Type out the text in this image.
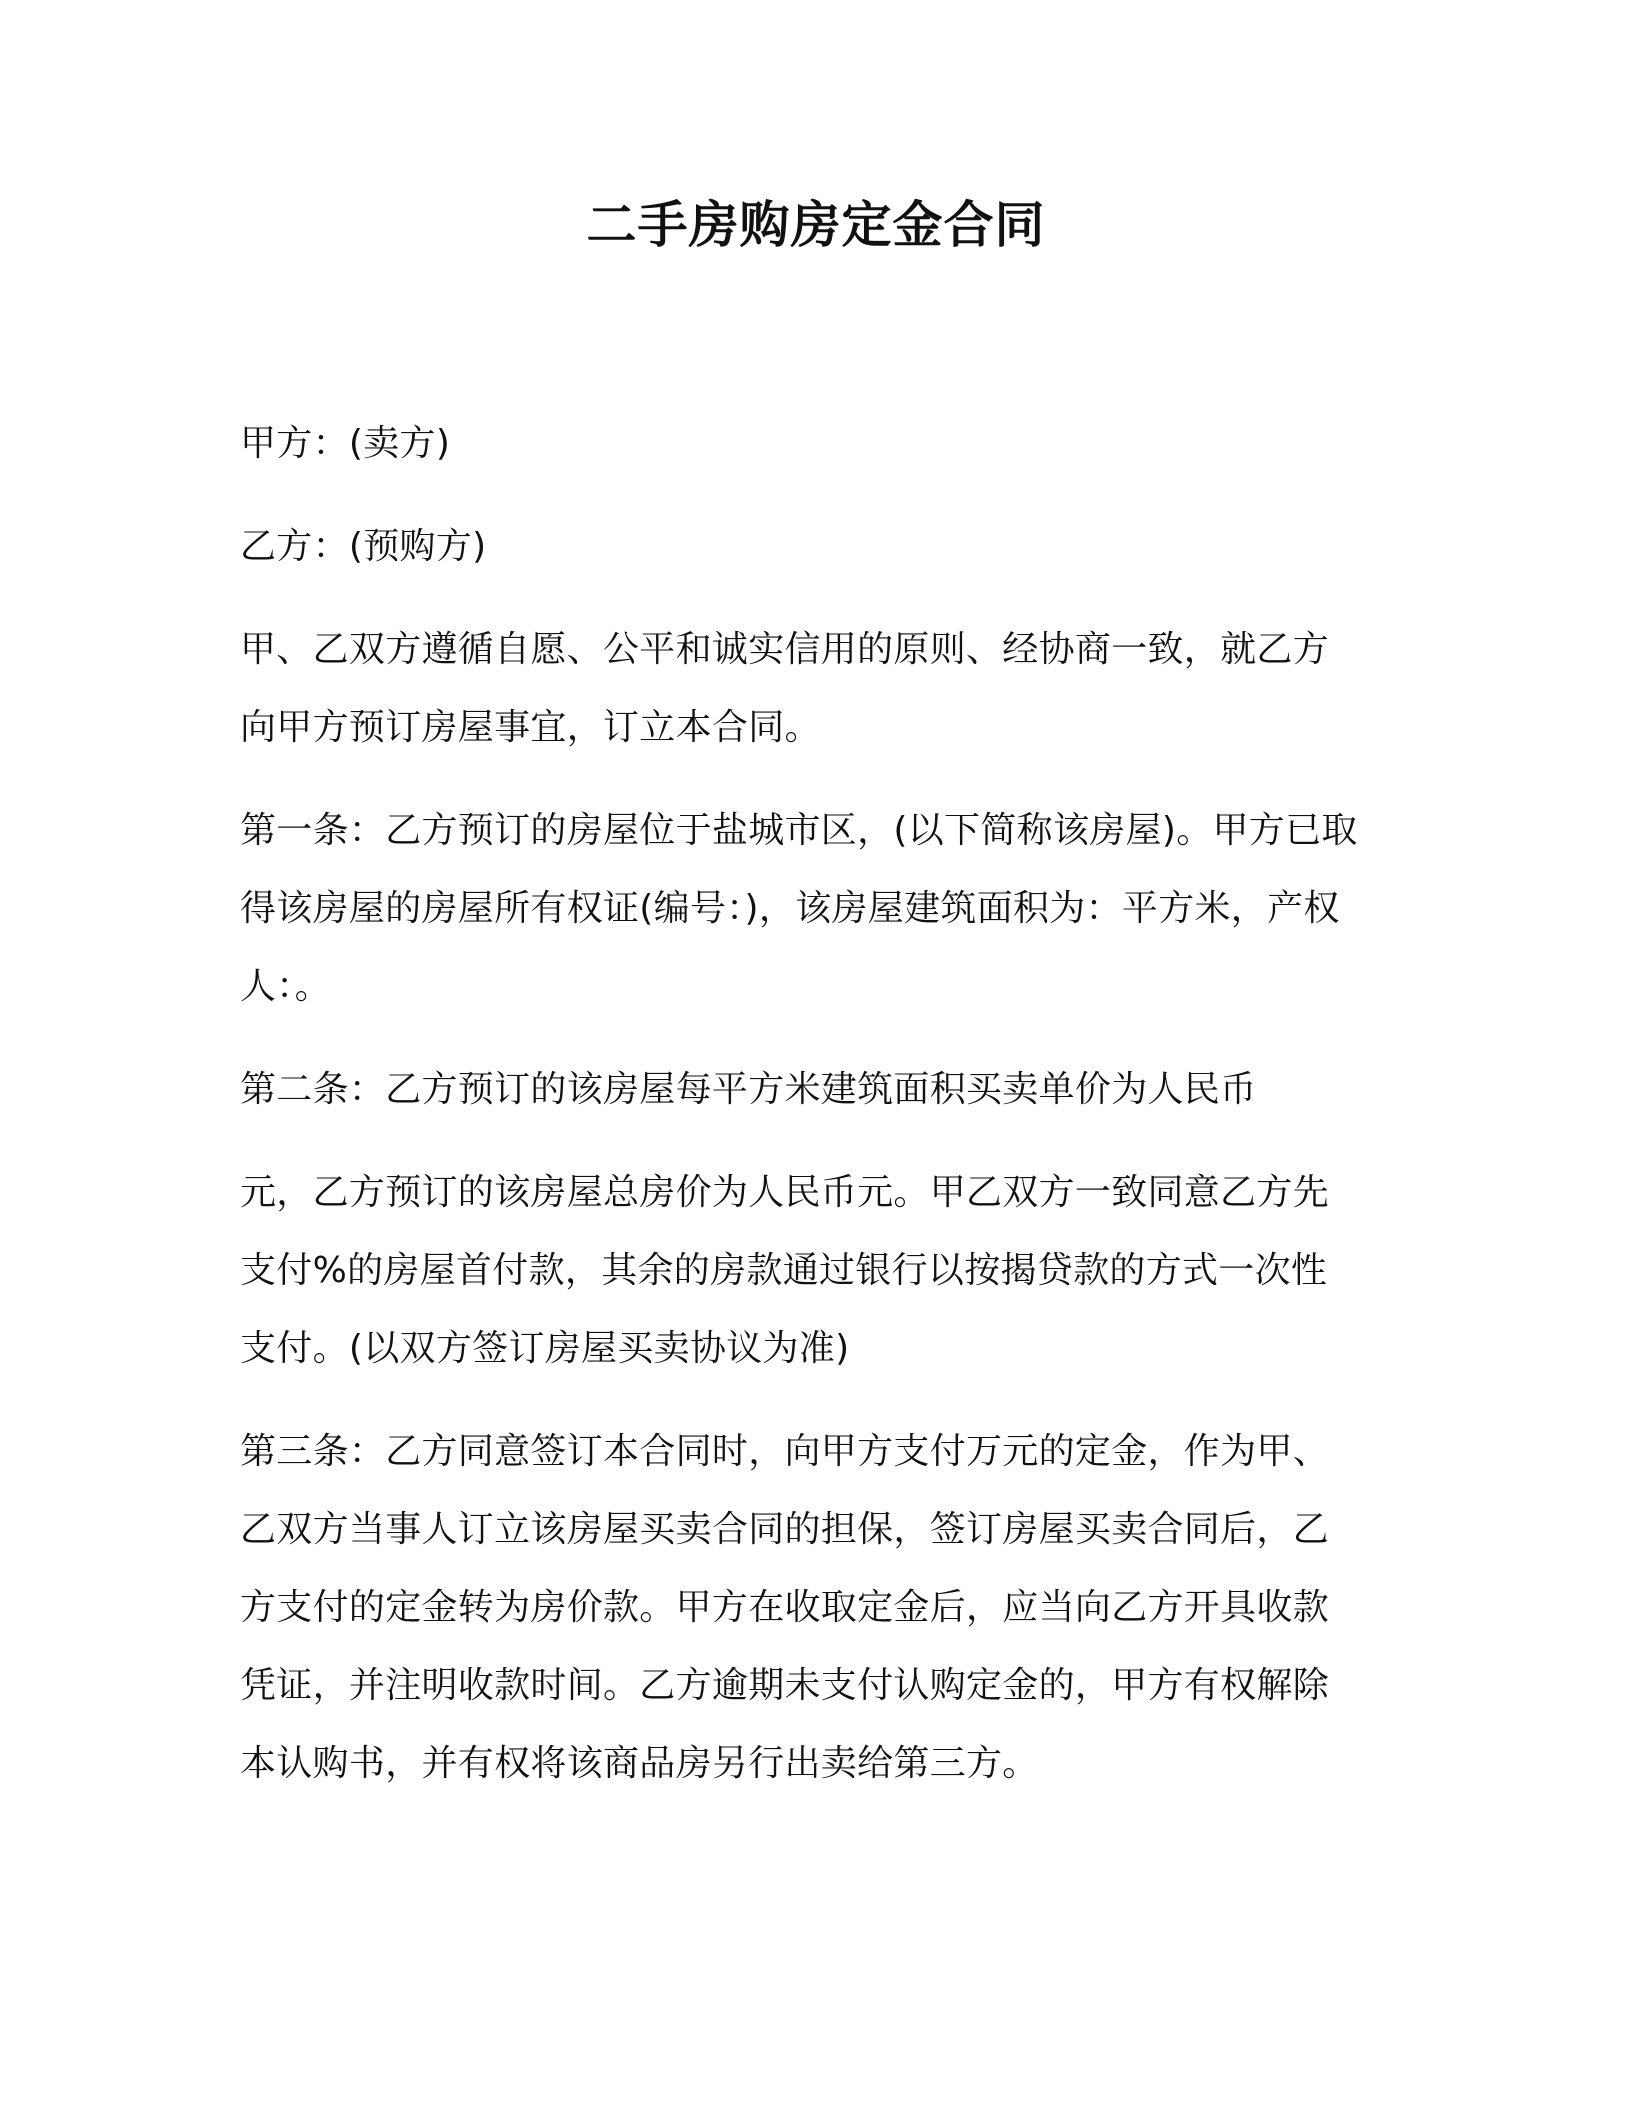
二手房购房定金合同
甲方：(卖方)
乙方：(预购方)
甲、乙双方遵循自愿、公平和诚实信用的原则、经协商一致，就乙方
向甲方预订房屋事宜，订立本合同。
第一条：乙方预订的房屋位于盐城市区，(以下简称该房屋)。甲方已取
得该房屋的房屋所有权证(编号：)，该房屋建筑面积为：平方米，产权
人：。
第二条：乙方预订的该房屋每平方米建筑面积买卖单价为人民币
元，乙方预订的该房屋总房价为人民币元。甲乙双方一致同意乙方先
支付%的房屋首付款，其余的房款通过银行以按揭贷款的方式一次性
支付。(以双方签订房屋买卖协议为准)
第三条：乙方同意签订本合同时，向甲方支付万元的定金，作为甲、
乙双方当事人订立该房屋买卖合同的担保，签订房屋买卖合同后，乙
方支付的定金转为房价款。甲方在收取定金后，应当向乙方开具收款
凭证，并注明收款时间。乙方逾期未支付认购定金的，甲方有权解除
本认购书，并有权将该商品房另行出卖给第三方。
